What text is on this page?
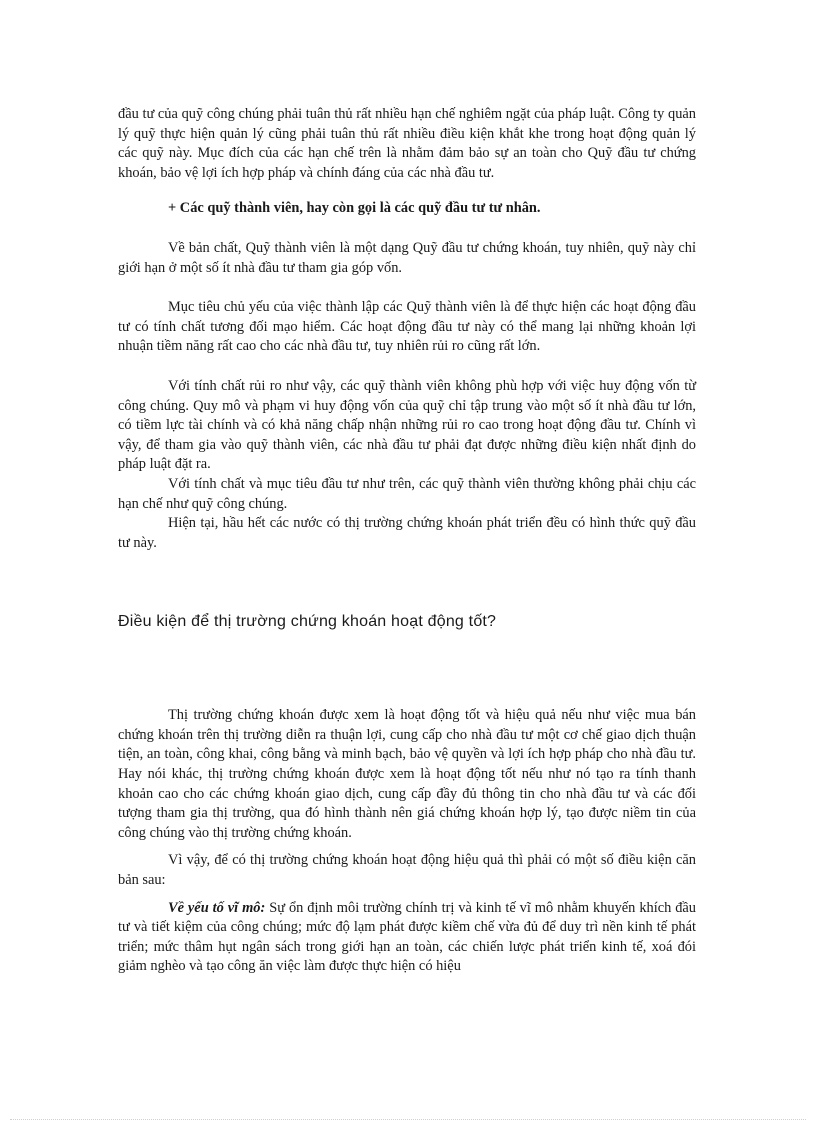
đầu tư của quỹ công chúng phải tuân thủ rất nhiều hạn chế nghiêm ngặt của pháp luật. Công ty quản lý quỹ thực hiện quản lý cũng phải tuân thủ rất nhiều điều kiện khắt khe trong hoạt động quản lý các quỹ này. Mục đích của các hạn chế trên là nhằm đảm bảo sự an toàn cho Quỹ đầu tư chứng khoán, bảo vệ lợi ích hợp pháp và chính đáng của các nhà đầu tư.

+ Các quỹ thành viên, hay còn gọi là các quỹ đầu tư tư nhân.

Về bản chất, Quỹ thành viên là một dạng Quỹ đầu tư chứng khoán, tuy nhiên, quỹ này chỉ giới hạn ở một số ít nhà đầu tư tham gia góp vốn.

Mục tiêu chủ yếu của việc thành lập các Quỹ thành viên là để thực hiện các hoạt động đầu tư có tính chất tương đối mạo hiểm. Các hoạt động đầu tư này có thể mang lại những khoản lợi nhuận tiềm năng rất cao cho các nhà đầu tư, tuy nhiên rủi ro cũng rất lớn.

Với tính chất rủi ro như vậy, các quỹ thành viên không phù hợp với việc huy động vốn từ công chúng. Quy mô và phạm vi huy động vốn của quỹ chỉ tập trung vào một số ít nhà đầu tư lớn, có tiềm lực tài chính và có khả năng chấp nhận những rủi ro cao trong hoạt động đầu tư. Chính vì vậy, để tham gia vào quỹ thành viên, các nhà đầu tư phải đạt được những điều kiện nhất định do pháp luật đặt ra.

Với tính chất và mục tiêu đầu tư như trên, các quỹ thành viên thường không phải chịu các hạn chế như quỹ công chúng.

Hiện tại, hầu hết các nước có thị trường chứng khoán phát triển đều có hình thức quỹ đầu tư này.

Điều kiện để thị trường chứng khoán hoạt động tốt?

Thị trường chứng khoán được xem là hoạt động tốt và hiệu quả nếu như việc mua bán chứng khoán trên thị trường diễn ra thuận lợi, cung cấp cho nhà đầu tư một cơ chế giao dịch thuận tiện, an toàn, công khai, công bằng và minh bạch, bảo vệ quyền và lợi ích hợp pháp cho nhà đầu tư. Hay nói khác, thị trường chứng khoán được xem là hoạt động tốt nếu như nó tạo ra tính thanh khoản cao cho các chứng khoán giao dịch, cung cấp đầy đủ thông tin cho nhà đầu tư và các đối tượng tham gia thị trường, qua đó hình thành nên giá chứng khoán hợp lý, tạo được niềm tin của công chúng vào thị trường chứng khoán.

Vì vậy, để có thị trường chứng khoán hoạt động hiệu quả thì phải có một số điều kiện căn bản sau:

Về yếu tố vĩ mô: Sự ổn định môi trường chính trị và kinh tế vĩ mô nhằm khuyến khích đầu tư và tiết kiệm của công chúng; mức độ lạm phát được kiềm chế vừa đủ để duy trì nền kinh tế phát triển; mức thâm hụt ngân sách trong giới hạn an toàn, các chiến lược phát triển kinh tế, xoá đói giảm nghèo và tạo công ăn việc làm được thực hiện có hiệu
